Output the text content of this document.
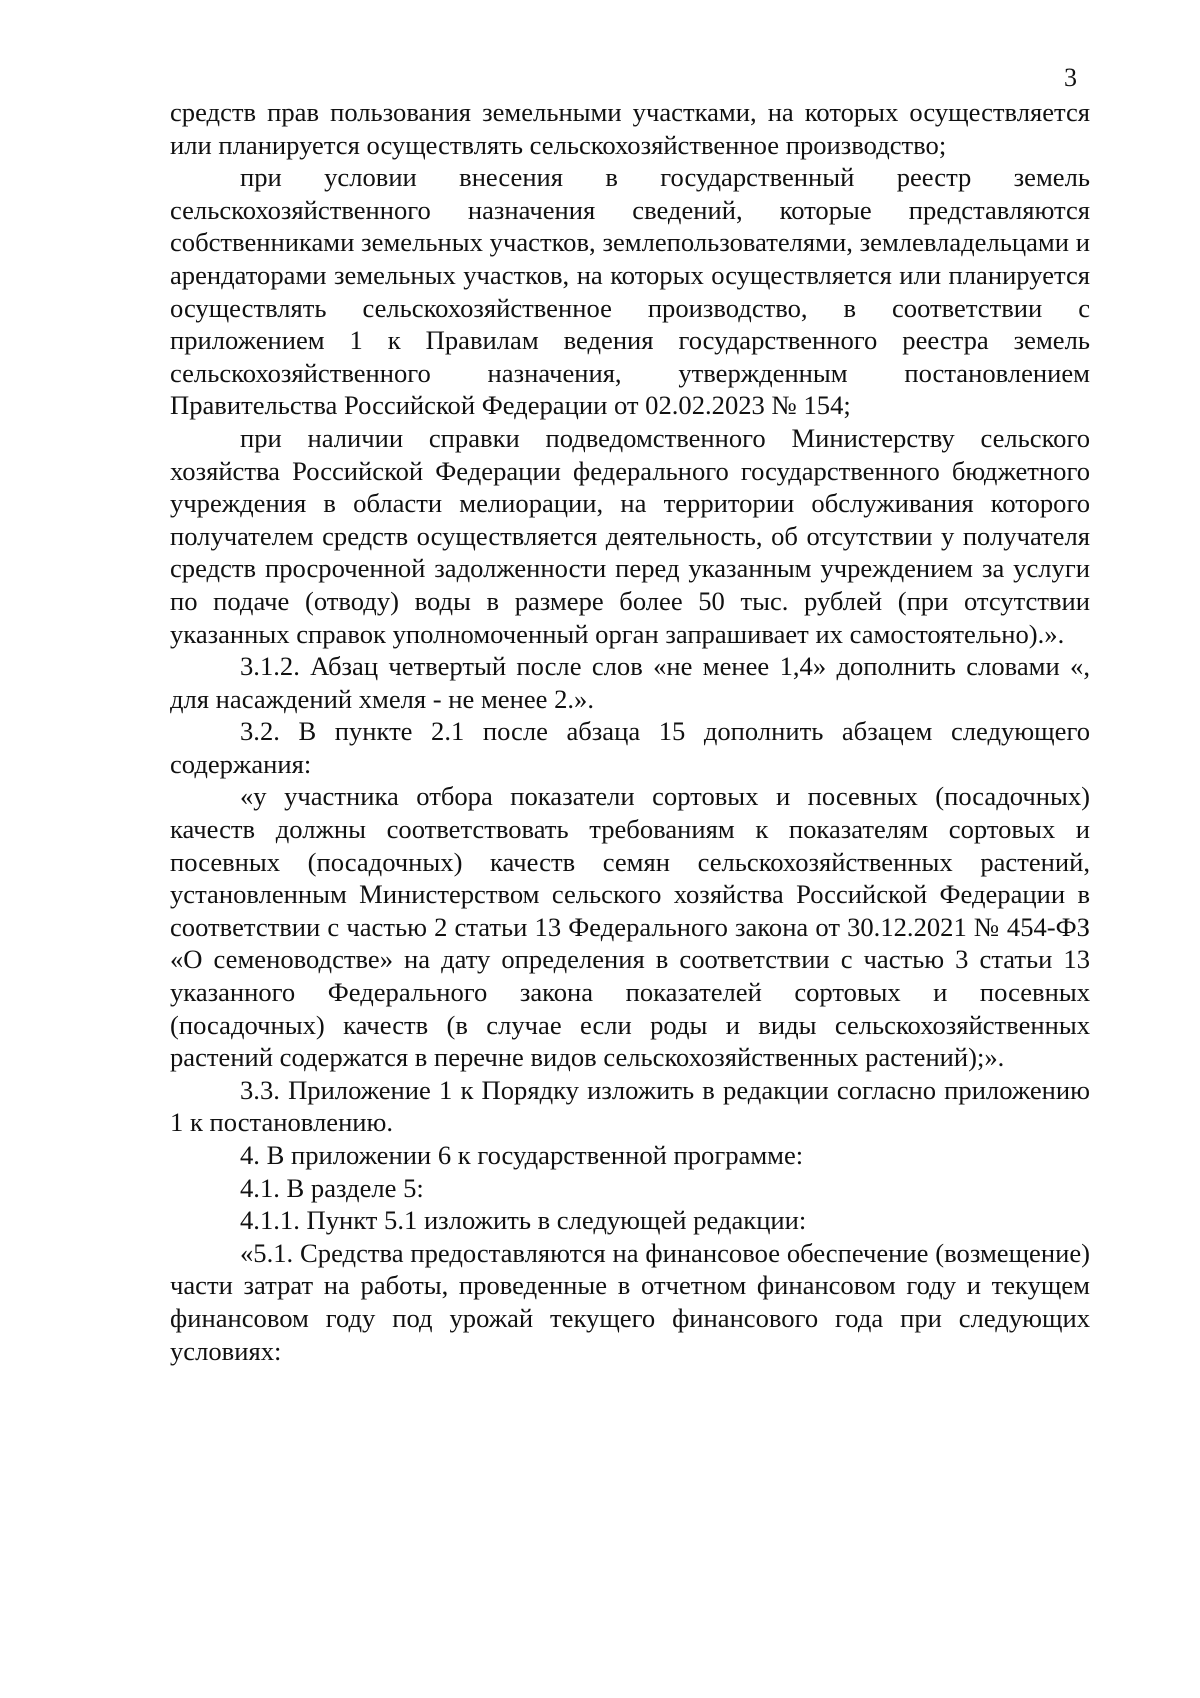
3

средств прав пользования земельными участками, на которых осуществляется или планируется осуществлять сельскохозяйственное производство;

при условии внесения в государственный реестр земель сельскохозяйственного назначения сведений, которые представляются собственниками земельных участков, землепользователями, землевладельцами и арендаторами земельных участков, на которых осуществляется или планируется осуществлять сельскохозяйственное производство, в соответствии с приложением 1 к Правилам ведения государственного реестра земель сельскохозяйственного назначения, утвержденным постановлением Правительства Российской Федерации от 02.02.2023 № 154;

при наличии справки подведомственного Министерству сельского хозяйства Российской Федерации федерального государственного бюджетного учреждения в области мелиорации, на территории обслуживания которого получателем средств осуществляется деятельность, об отсутствии у получателя средств просроченной задолженности перед указанным учреждением за услуги по подаче (отводу) воды в размере более 50 тыс. рублей (при отсутствии указанных справок уполномоченный орган запрашивает их самостоятельно).».

3.1.2. Абзац четвертый после слов «не менее 1,4» дополнить словами «, для насаждений хмеля - не менее 2.».

3.2. В пункте 2.1 после абзаца 15 дополнить абзацем следующего содержания:

«у участника отбора показатели сортовых и посевных (посадочных) качеств должны соответствовать требованиям к показателям сортовых и посевных (посадочных) качеств семян сельскохозяйственных растений, установленным Министерством сельского хозяйства Российской Федерации в соответствии с частью 2 статьи 13 Федерального закона от 30.12.2021 № 454-ФЗ «О семеноводстве» на дату определения в соответствии с частью 3 статьи 13 указанного Федерального закона показателей сортовых и посевных (посадочных) качеств (в случае если роды и виды сельскохозяйственных растений содержатся в перечне видов сельскохозяйственных растений);».

3.3. Приложение 1 к Порядку изложить в редакции согласно приложению 1 к постановлению.

4. В приложении 6 к государственной программе:

4.1. В разделе 5:

4.1.1. Пункт 5.1 изложить в следующей редакции:

«5.1. Средства предоставляются на финансовое обеспечение (возмещение) части затрат на работы, проведенные в отчетном финансовом году и текущем финансовом году под урожай текущего финансового года при следующих условиях:
